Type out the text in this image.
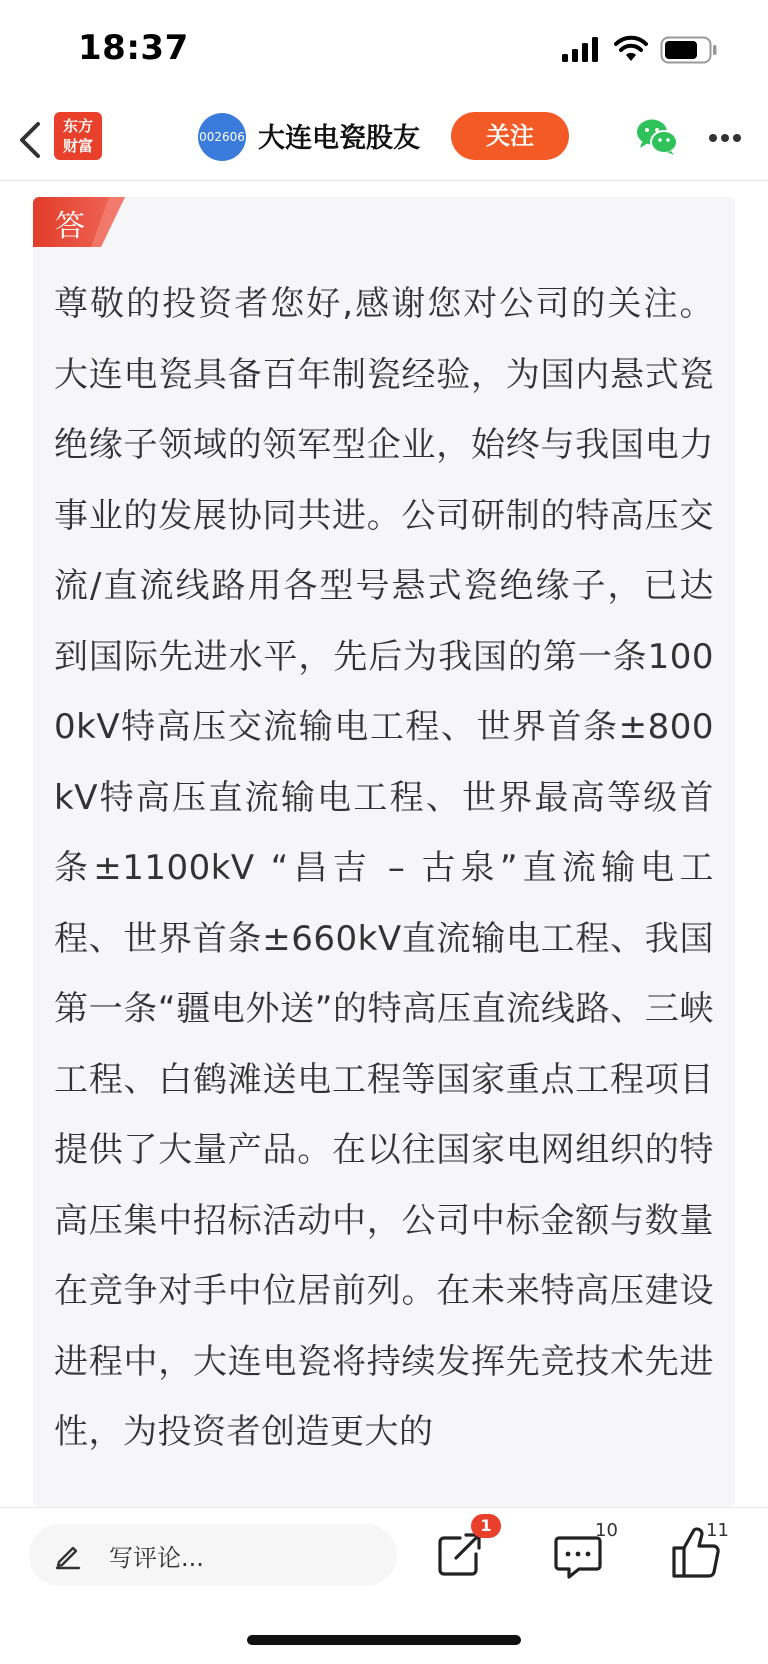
18:37
东方
财富	002606 大连电瓷股友	关注
答
尊敬的投资者您好,感谢您对公司的关注。大连电瓷具备百年制瓷经验，为国内悬式瓷绝缘子领域的领军型企业，始终与我国电力事业的发展协同共进。公司研制的特高压交流/直流线路用各型号悬式瓷绝缘子，已达到国际先进水平，先后为我国的第一条1000kV特高压交流输电工程、世界首条±800kV特高压直流输电工程、世界最高等级首条±1100kV “昌吉 – 古泉”直流输电工程、世界首条±660kV直流输电工程、我国第一条“疆电外送”的特高压直流线路、三峡工程、白鹤滩送电工程等国家重点工程项目提供了大量产品。在以往国家电网组织的特高压集中招标活动中，公司中标金额与数量在竞争对手中位居前列。在未来特高压建设进程中，大连电瓷将持续发挥先竞技术先进性，为投资者创造更大的
写评论...
1	10	11
